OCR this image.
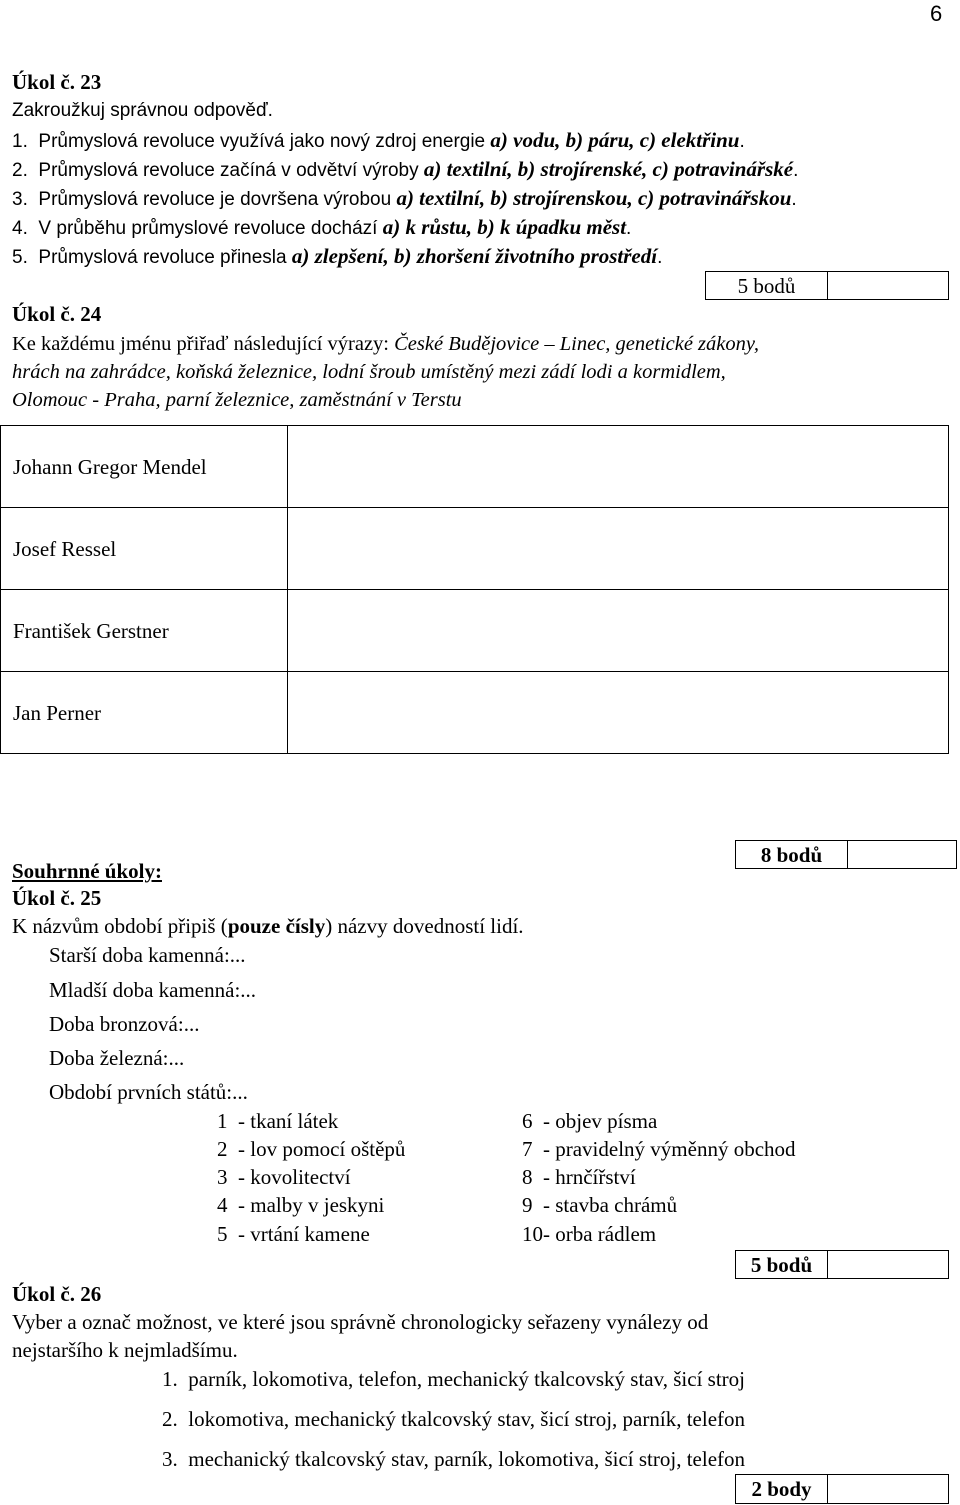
6
Úkol č. 23
Zakroužkuj správnou odpověď.
1. Průmyslová revoluce využívá jako nový zdroj energie a) vodu, b) páru, c) elektřinu.
2. Průmyslová revoluce začíná v odvětví výroby a) textilní, b) strojírenské, c) potravinářské.
3. Průmyslová revoluce je dovršena výrobou a) textilní, b) strojírenskou, c) potravinářskou.
4. V průběhu průmyslové revoluce dochází a) k růstu, b) k úpadku měst.
5. Průmyslová revoluce přinesla a) zlepšení, b) zhoršení životního prostředí.
5 bodů
Úkol č. 24
Ke každému jménu přiřaď následující výrazy: České Budějovice – Linec, genetické zákony,
hrách na zahrádce, koňská železnice, lodní šroub umístěný mezi zádí lodi a kormidlem,
Olomouc - Praha, parní železnice, zaměstnání v Terstu
Johann Gregor Mendel	
Josef Ressel	
František Gerstner	
Jan Perner	
8 bodů
Souhrnné úkoly:
Úkol č. 25
K názvům období připiš (pouze čísly) názvy dovedností lidí.
Starší doba kamenná:...
Mladší doba kamenná:...
Doba bronzová:...
Doba železná:...
Období prvních států:...
1 - tkaní látek
2 - lov pomocí oštěpů
3 - kovolitectví
4 - malby v jeskyni
5 - vrtání kamene
6 - objev písma
7 - pravidelný výměnný obchod
8 - hrnčířství
9 - stavba chrámů
10- orba rádlem
5 bodů
Úkol č. 26
Vyber a označ možnost, ve které jsou správně chronologicky seřazeny vynálezy od
nejstaršího k nejmladšímu.
1. parník, lokomotiva, telefon, mechanický tkalcovský stav, šicí stroj
2. lokomotiva, mechanický tkalcovský stav, šicí stroj, parník, telefon
3. mechanický tkalcovský stav, parník, lokomotiva, šicí stroj, telefon
2 body
